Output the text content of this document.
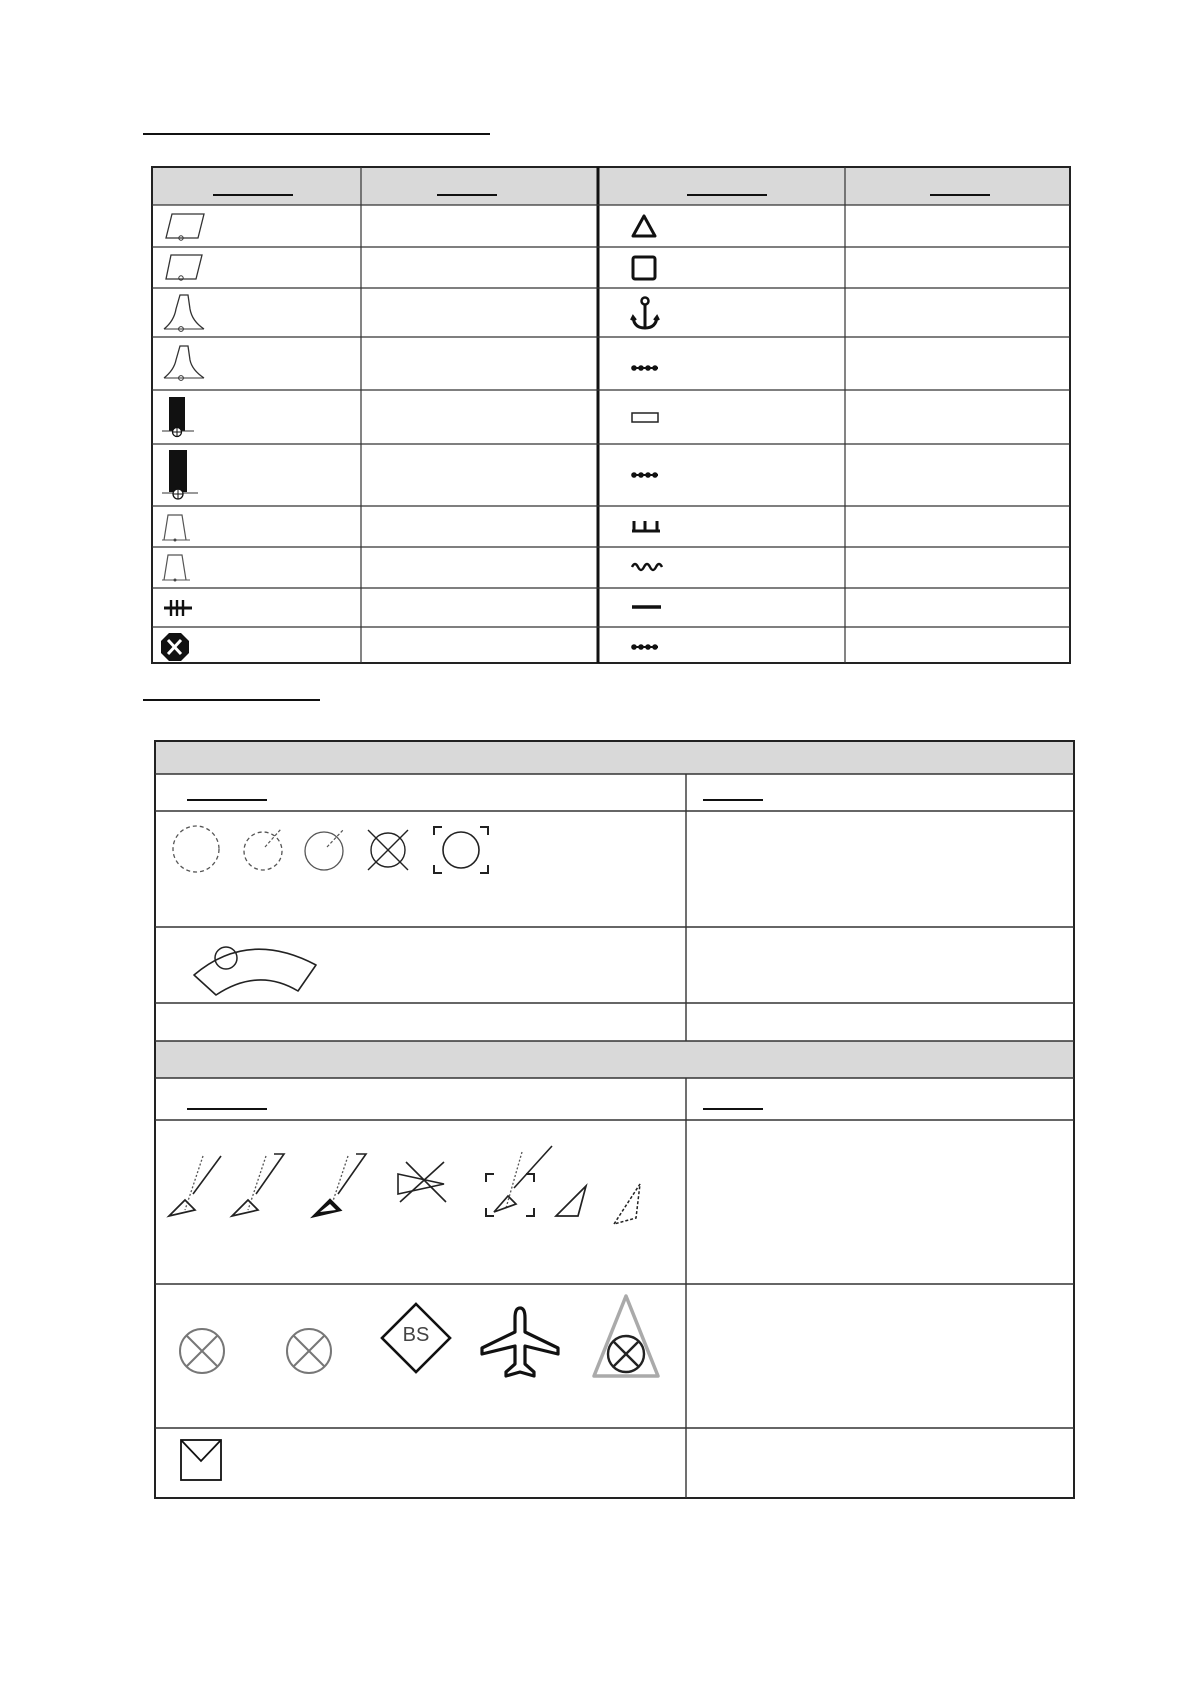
BS
